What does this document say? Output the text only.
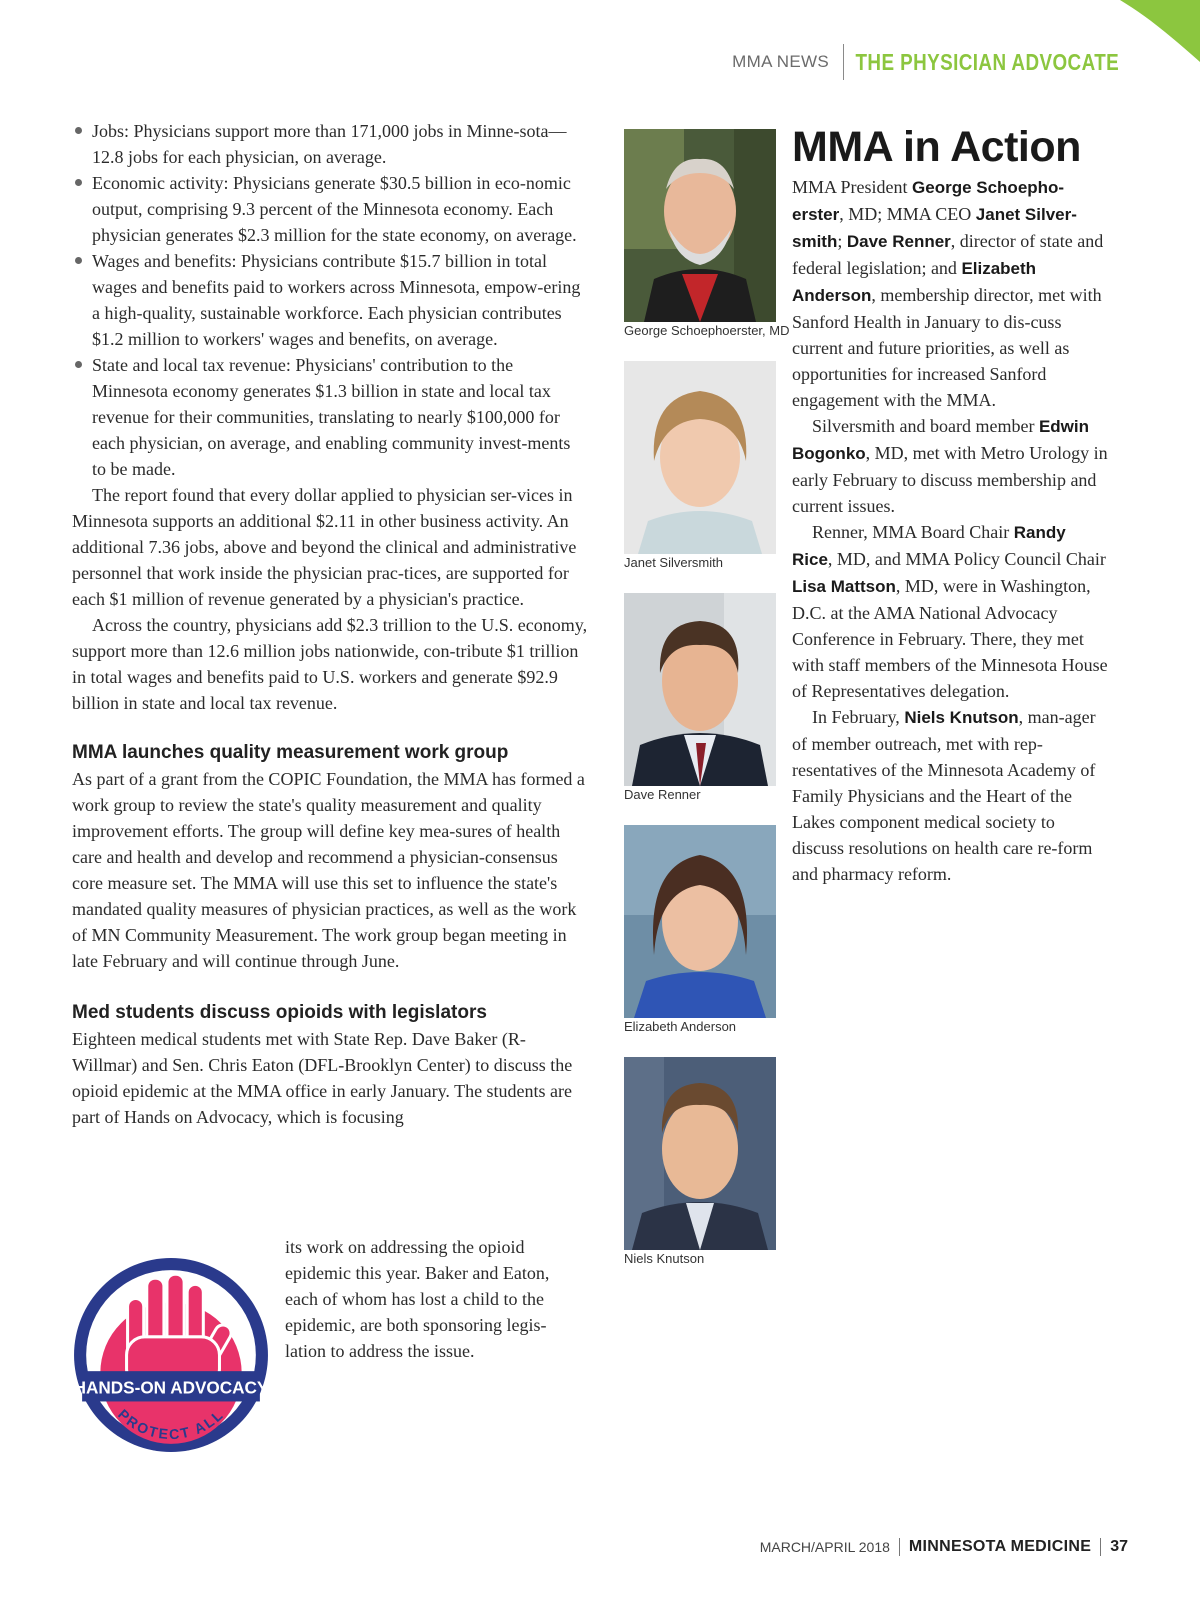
MMA NEWS	THE PHYSICIAN ADVOCATE
Jobs: Physicians support more than 171,000 jobs in Minne-sota—12.8 jobs for each physician, on average.
Economic activity: Physicians generate $30.5 billion in eco-nomic output, comprising 9.3 percent of the Minnesota economy. Each physician generates $2.3 million for the state economy, on average.
Wages and benefits: Physicians contribute $15.7 billion in total wages and benefits paid to workers across Minnesota, empow-ering a high-quality, sustainable workforce. Each physician contributes $1.2 million to workers' wages and benefits, on average.
State and local tax revenue: Physicians' contribution to the Minnesota economy generates $1.3 billion in state and local tax revenue for their communities, translating to nearly $100,000 for each physician, on average, and enabling community invest-ments to be made.

The report found that every dollar applied to physician ser-vices in Minnesota supports an additional $2.11 in other business activity. An additional 7.36 jobs, above and beyond the clinical and administrative personnel that work inside the physician prac-tices, are supported for each $1 million of revenue generated by a physician's practice.

Across the country, physicians add $2.3 trillion to the U.S. economy, support more than 12.6 million jobs nationwide, con-tribute $1 trillion in total wages and benefits paid to U.S. workers and generate $92.9 billion in state and local tax revenue.

MMA launches quality measurement work group

As part of a grant from the COPIC Foundation, the MMA has formed a work group to review the state's quality measurement and quality improvement efforts. The group will define key mea-sures of health care and health and develop and recommend a physician-consensus core measure set. The MMA will use this set to influence the state's mandated quality measures of physician practices, as well as the work of MN Community Measurement. The work group began meeting in late February and will continue through June.

Med students discuss opioids with legislators

Eighteen medical students met with State Rep. Dave Baker (R-Willmar) and Sen. Chris Eaton (DFL-Brooklyn Center) to discuss the opioid epidemic at the MMA office in early January. The students are part of Hands on Advocacy, which is focusing

its work on addressing the opioid epidemic this year. Baker and Eaton, each of whom has lost a child to the epidemic, are both sponsoring legis-lation to address the issue.
HANDS-ON ADVOCACY
PROTECT ALL
George Schoephoerster, MD
Janet Silversmith
Dave Renner
Elizabeth Anderson
Niels Knutson
MMA in Action

MMA President George Schoepho-erster, MD; MMA CEO Janet Silver-smith; Dave Renner, director of state and federal legislation; and Elizabeth Anderson, membership director, met with Sanford Health in January to dis-cuss current and future priorities, as well as opportunities for increased Sanford engagement with the MMA.

Silversmith and board member Edwin Bogonko, MD, met with Metro Urology in early February to discuss membership and current issues.

Renner, MMA Board Chair Randy Rice, MD, and MMA Policy Council Chair Lisa Mattson, MD, were in Washington, D.C. at the AMA National Advocacy Conference in February. There, they met with staff members of the Minnesota House of Representatives delegation.

In February, Niels Knutson, man-ager of member outreach, met with rep-resentatives of the Minnesota Academy of Family Physicians and the Heart of the Lakes component medical society to discuss resolutions on health care re-form and pharmacy reform.

MARCH/APRIL 2018	MINNESOTA MEDICINE	37
